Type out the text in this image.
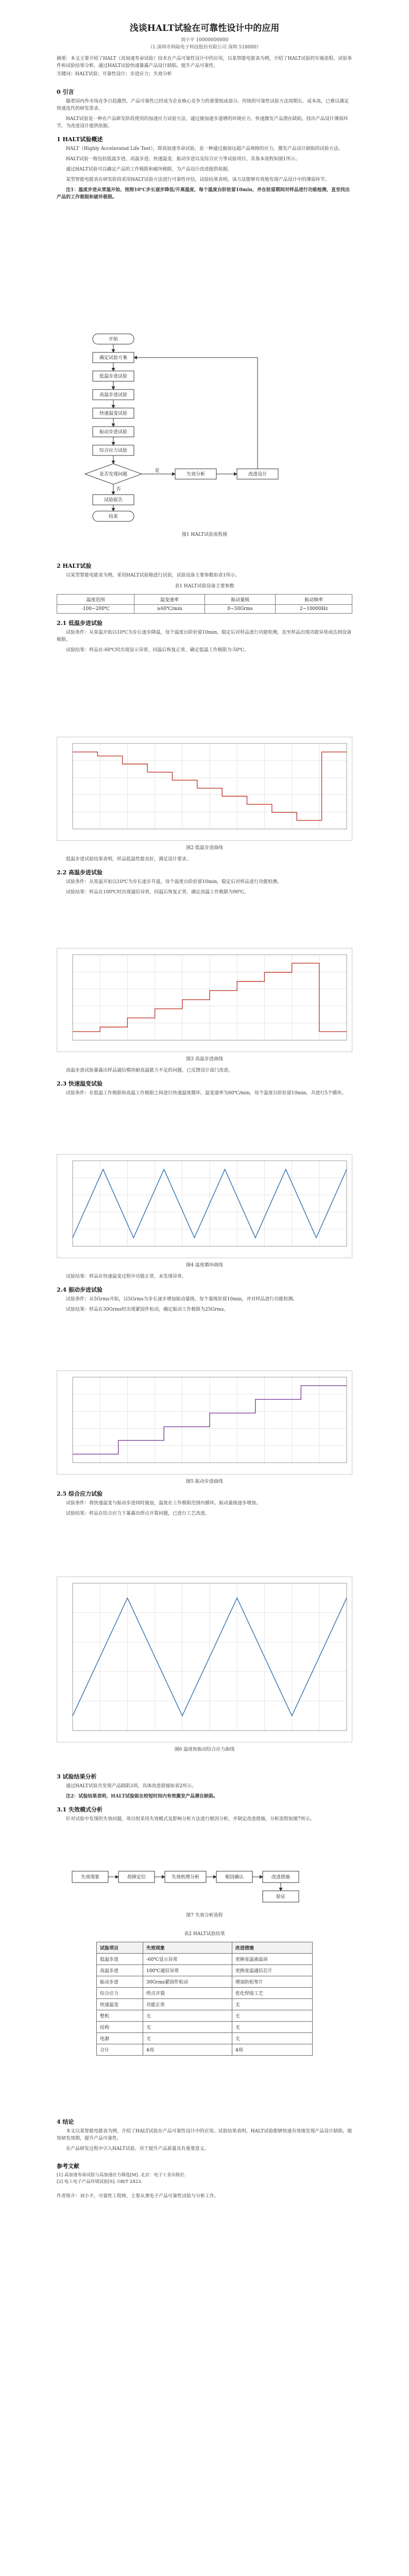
浅谈HALT试验在可靠性设计中的应用
刘小平 10000000000
（1.深圳市科陆电子科技股份有限公司 深圳 518000）
摘要：本文主要介绍了HALT（高加速寿命试验）技术在产品可靠性设计中的应用，以某智能电能表为例，介绍了HALT试验的实施流程、试验条件和试验结果分析，通过HALT试验快速暴露产品设计缺陷，提升产品可靠性。
关键词：HALT试验；可靠性设计；步进应力；失效分析
0 引言

随着国内外市场竞争日趋激烈，产品可靠性已经成为企业核心竞争力的重要组成部分。传统的可靠性试验方法周期长、成本高，已难以满足快速迭代的研发需求。

HALT试验是一种在产品研发阶段使用的加速应力试验方法，通过施加逐步递增的环境应力，快速激发产品潜在缺陷，找出产品设计薄弱环节，为改进设计提供依据。

1 HALT试验概述

HALT（Highly Accelerated Life Test），即高加速寿命试验，是一种通过施加远超产品规格的应力，激发产品设计缺陷的试验方法。

HALT试验一般包括低温步进、高温步进、快速温变、振动步进以及综合应力等试验项目，其基本流程如图1所示。

通过HALT试验可以确定产品的工作极限和破坏极限，为产品设计改进提供依据。

某型智能电能表在研发阶段采用HALT试验方法进行可靠性评估，试验结果表明，该方法能够有效地发现产品设计中的薄弱环节。

注1：温度步进从常温开始，按照10℃步长逐步降低/升高温度，每个温度台阶驻留10min，并在驻留期间对样品进行功能检测，直至找出产品的工作极限和破坏极限。

开始
确定试验方案
低温步进试验
高温步进试验
快速温变试验
振动步进试验
综合应力试验
是否发现问题	失效分析	改进设计
试验报告
结束
是
否
图1 HALT试验流程图
2 HALT试验

以某型智能电能表为例，采用HALT试验箱进行试验，试验设备主要参数如表1所示。

表1 HALT试验设备主要参数
温度范围	温变速率	振动量级	振动频率
-100~200℃	≥60℃/min	0~50Grms	2~10000Hz
2.1 低温步进试验

试验条件：从室温开始以10℃为步长逐步降温，每个温度台阶驻留10min，稳定后对样品进行功能检测，直至样品出现功能异常或达到设备极限。

试验结果：样品在-60℃时出现显示异常，回温后恢复正常，确定低温工作极限为-50℃。

图2 低温步进曲线

低温步进试验结果表明，样品低温性能良好，满足设计要求。

2.2 高温步进试验

试验条件：从室温开始以10℃为步长逐步升温，每个温度台阶驻留10min，稳定后对样品进行功能检测。

试验结果：样品在100℃时出现通信异常，回温后恢复正常，确定高温工作极限为90℃。

图3 高温步进曲线

高温步进试验暴露出样品通信模块耐高温能力不足的问题，已反馈设计部门改进。

2.3 快速温变试验

试验条件：在低温工作极限和高温工作极限之间进行快速温度循环，温变速率为60℃/min，每个温度台阶驻留10min，共进行5个循环。

图4 温度循环曲线

试验结果：样品在快速温变过程中功能正常，未发现异常。

2.4 振动步进试验

试验条件：从5Grms开始，以5Grms为步长逐步增加振动量级，每个量级驻留10min，并对样品进行功能检测。

试验结果：样品在30Grms时出现紧固件松动，确定振动工作极限为25Grms。

图5 振动步进曲线
2.5 综合应力试验

试验条件：将快速温变与振动步进同时施加，温度在工作极限范围内循环，振动量级逐步增加。

试验结果：样品在综合应力下暴露出焊点开裂问题，已进行工艺改进。

图6 温度和振动综合应力曲线
3 试验结果分析

通过HALT试验共发现产品缺陷3项，具体改进措施如表2所示。

注2：试验结果表明，HALT试验能在较短时间内有效激发产品潜在缺陷。

3.1 失效模式分析

针对试验中发现的失效问题，项目组采用失效模式及影响分析方法进行根因分析，并制定改进措施，分析流程如图7所示。

失效现象	故障定位	失效机理分析	根因确认	改进措施
验证
图7 失效分析流程
表2 HALT试验结果
试验项目	失效现象	改进措施
低温步进	-60℃显示异常	更换宽温液晶屏
高温步进	100℃通信异常	更换宽温通信芯片
振动步进	30Grms紧固件松动	增加防松垫片
综合应力	焊点开裂	优化焊接工艺
快速温变	功能正常	无
整机	无	无
结构	无	无
电源	无	无
合计	4项	4项
4 结论

本文以某智能电能表为例，介绍了HALT试验在产品可靠性设计中的应用。试验结果表明，HALT试验能够快速有效地发现产品设计缺陷，缩短研发周期，提升产品可靠性。

在产品研发过程中引入HALT试验，对于提升产品质量具有重要意义。

参考文献
[1] 高加速寿命试验与高加速应力筛选[M]. 北京：电子工业出版社.
[2] 电工电子产品环境试验[S]. GB/T 2423.
作者简介：刘小平，可靠性工程师，主要从事电子产品可靠性试验与分析工作。
